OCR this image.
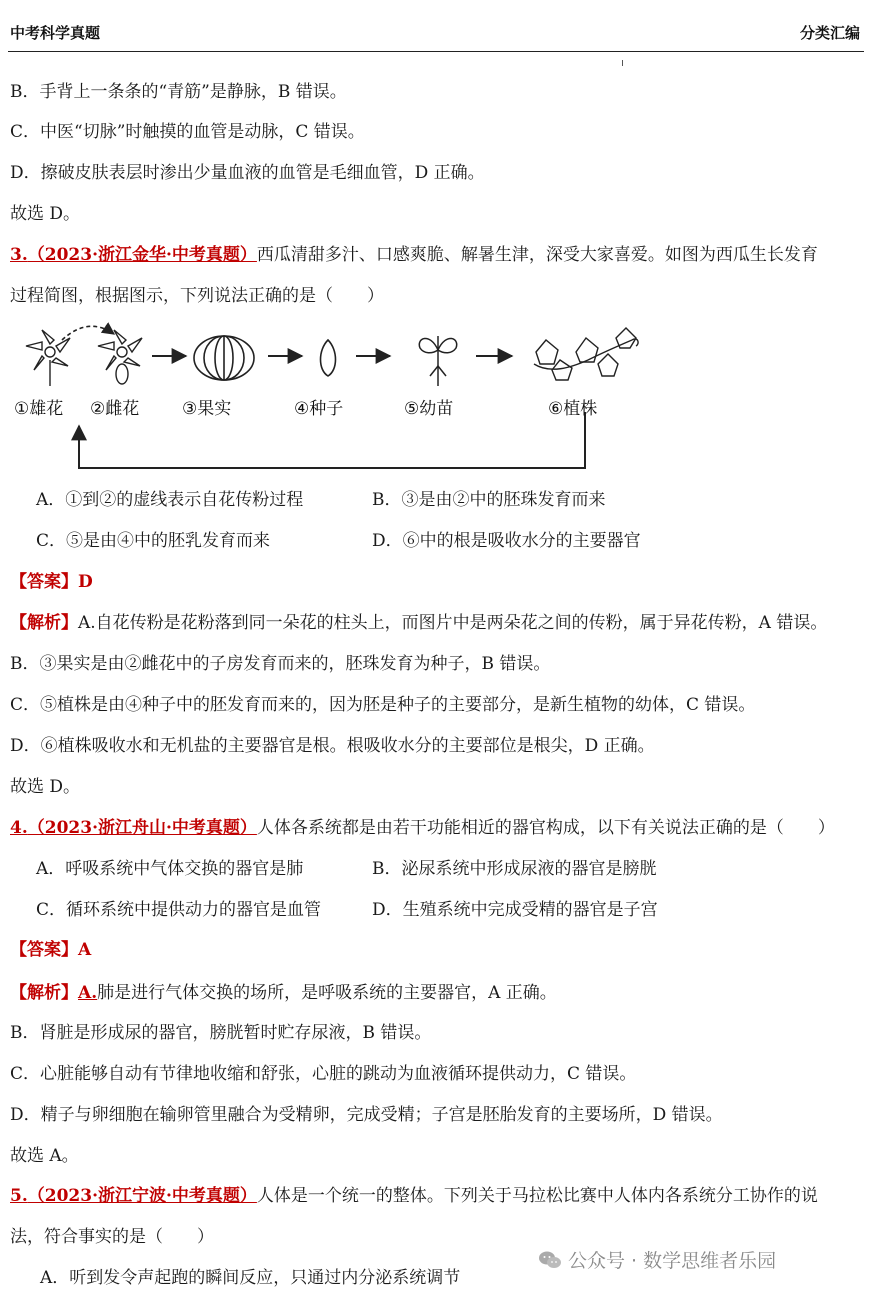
中考科学真题	分类汇编
B．手背上一条条的“青筋”是静脉，B 错误。
C．中医“切脉”时触摸的血管是动脉，C 错误。
D．擦破皮肤表层时渗出少量血液的血管是毛细血管，D 正确。
故选 D。
3.（2023·浙江金华·中考真题）西瓜清甜多汁、口感爽脆、解暑生津，深受大家喜爱。如图为西瓜生长发育
过程简图，根据图示，下列说法正确的是（　　）
①雄花 ②雌花	③果实	④种子	⑤幼苗	⑥植株
A．①到②的虚线表示自花传粉过程	B．③是由②中的胚珠发育而来
C．⑤是由④中的胚乳发育而来	D．⑥中的根是吸收水分的主要器官
【答案】D
【解析】A.自花传粉是花粉落到同一朵花的柱头上，而图片中是两朵花之间的传粉，属于异花传粉，A 错误。
B．③果实是由②雌花中的子房发育而来的，胚珠发育为种子，B 错误。
C．⑤植株是由④种子中的胚发育而来的，因为胚是种子的主要部分，是新生植物的幼体，C 错误。
D．⑥植株吸收水和无机盐的主要器官是根。根吸收水分的主要部位是根尖，D 正确。
故选 D。
4.（2023·浙江舟山·中考真题）人体各系统都是由若干功能相近的器官构成，以下有关说法正确的是（　　）
A．呼吸系统中气体交换的器官是肺	B．泌尿系统中形成尿液的器官是膀胱
C．循环系统中提供动力的器官是血管	D．生殖系统中完成受精的器官是子宫
【答案】A
【解析】A.肺是进行气体交换的场所，是呼吸系统的主要器官，A 正确。
B．肾脏是形成尿的器官，膀胱暂时贮存尿液，B 错误。
C．心脏能够自动有节律地收缩和舒张，心脏的跳动为血液循环提供动力，C 错误。
D．精子与卵细胞在输卵管里融合为受精卵，完成受精；子宫是胚胎发育的主要场所，D 错误。
故选 A。
5.（2023·浙江宁波·中考真题）人体是一个统一的整体。下列关于马拉松比赛中人体内各系统分工协作的说
法，符合事实的是（　　）
A．听到发令声起跑的瞬间反应，只通过内分泌系统调节
公众号 · 数学思维者乐园
